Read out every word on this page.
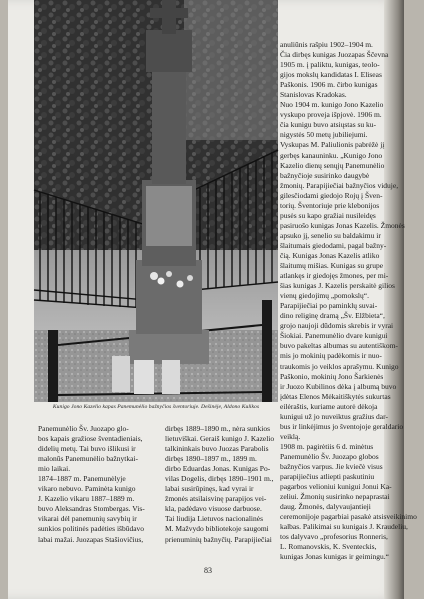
Kunigo Jono Kazelio kapas Panemunėlio bažnyčios šventoriuje. Dešinėje, Aldono Kulikos

anuliūnis rašpiu 1902–1904 m.

Čia dirbęs kunigas Juozapas Ščevna

1905 m. į paliktu, kunigas, teolo-

gijos mokslų kandidatas I. Eliseas

Paškonis. 1906 m. čirbo kunigas

Stanislovas Kradokas.

Nuo 1904 m. kunigo Jono Kazelio

vyskupo proveja išpjovė. 1906 m.

čia kunigu buvo atsiųstas su ku-

nigystės 50 metų jubiliejumi.

Vyskupas M. Paliulionis pabrėžė jį

gerbęs kanauninku. „Kunigo Jono

Kazelio dienų senųjų Panemunėlio

bažnyčioje susirinko daugybė

žmonių. Parapijiečiai bažnyčios viduje,

gilesčiodami giedojo Rojų į Šven-

torių. Šventoriuje prie klebonijos

pusės su kapo gražiai nusileidęs

pasiruošo kunigas Jonas Kazelis. Žmonės

apsuko jį, senelio su baldakimu ir

šlaitumais giedodami, pagal bažny-

čią. Kunigas Jonas Kazelis atliko

šlaitumų mišias. Kunigas su grupe

atlankęs ir giedojęs žmones, per mi-

šias kunigas J. Kazelis perskaitė gilios

vienų giedojimų „pomokslų“.

Parapijiečiai po paminklų suvai-

dino religinę dramą „Šv. Elžbieta“,

grojo naujoji dūdomis skrebis ir vyrai

Šiokiai. Panemunėlio dvare kunigui

buvo pakeltas albumas su autentiškom-

mis jo mokinių padėkomis ir nuo-

traukomis jo veiklos aprašymu. Kunigo

Paškonio, mokinių Jono Šarkienės

ir Juozo Kubilinos dėka į albumą buvo

įdėtas Elenos Mėkaitiškytės sukurtas

eilėraštis, kuriame autorė dėkoja

kunigui už jo nuveiktus gražius dar-

bus ir linkėjimus jo šventojoje geraldario

veiklą.

1908 m. pagirėtiis 6 d. minėtus

Panemunėlio Šv. Juozapo globos

bažnyčios varpus. Jie kviečė visus

parapijiečius atliepti paskutiniu

pagarbos velioniui kunigui Jonui Ka-

zeliui. Žmonių susirinko nepaprastai

daug. Žmonės, dalyvaujantieji

ceremonijoje pagarbiai pasakė atsisveikinimo

kalbas. Palikimai su kunigais J. Kraudeliu,

tos dalyvavo „profesorius Ronneris,

L. Romanovskis, K. Sventeckis,

kunigas Jonas kunigas ir geimingu.“

Panemunėlio Šv. Juozapo glo-

bos kapais gražiose šventadieniais,

didelių metų. Tai buvo išlikusi ir

malonūs Panemunėlio bažnytkai-

mio laikai.

1874–1887 m. Panemunėlyje

vikaro nebuvo. Paminėta kunigo

J. Kazelio vikaru 1887–1889 m.

buvo Aleksandras Stombergas. Vis-

vikarai dėl panemunių savybių ir

sunkios politinės padėties išbūdavo

labai mažai. Juozapas Stašiovičius,

dirbęs 1889–1890 m., nėra sunkios

lietuviškai. Geraiš kunigo J. Kazelio

talkininkais buvo Juozas Parabolis

dirbęs 1890–1897 m., 1899 m.

dirbo Eduardas Jonas. Kunigas Po-

vilas Dogelis, dirbęs 1890–1901 m.,

labai susirūpinęs, kad vyrai ir

žmonės atsilaisvinę parapijos vei-

kla, padėdavo visuose darbuose.

Tai liudija Lietuvos nacionalinės

M. Mažvydo bibliotekoje saugomi

prienuminių bažnyčių. Parapijiečiai

83
